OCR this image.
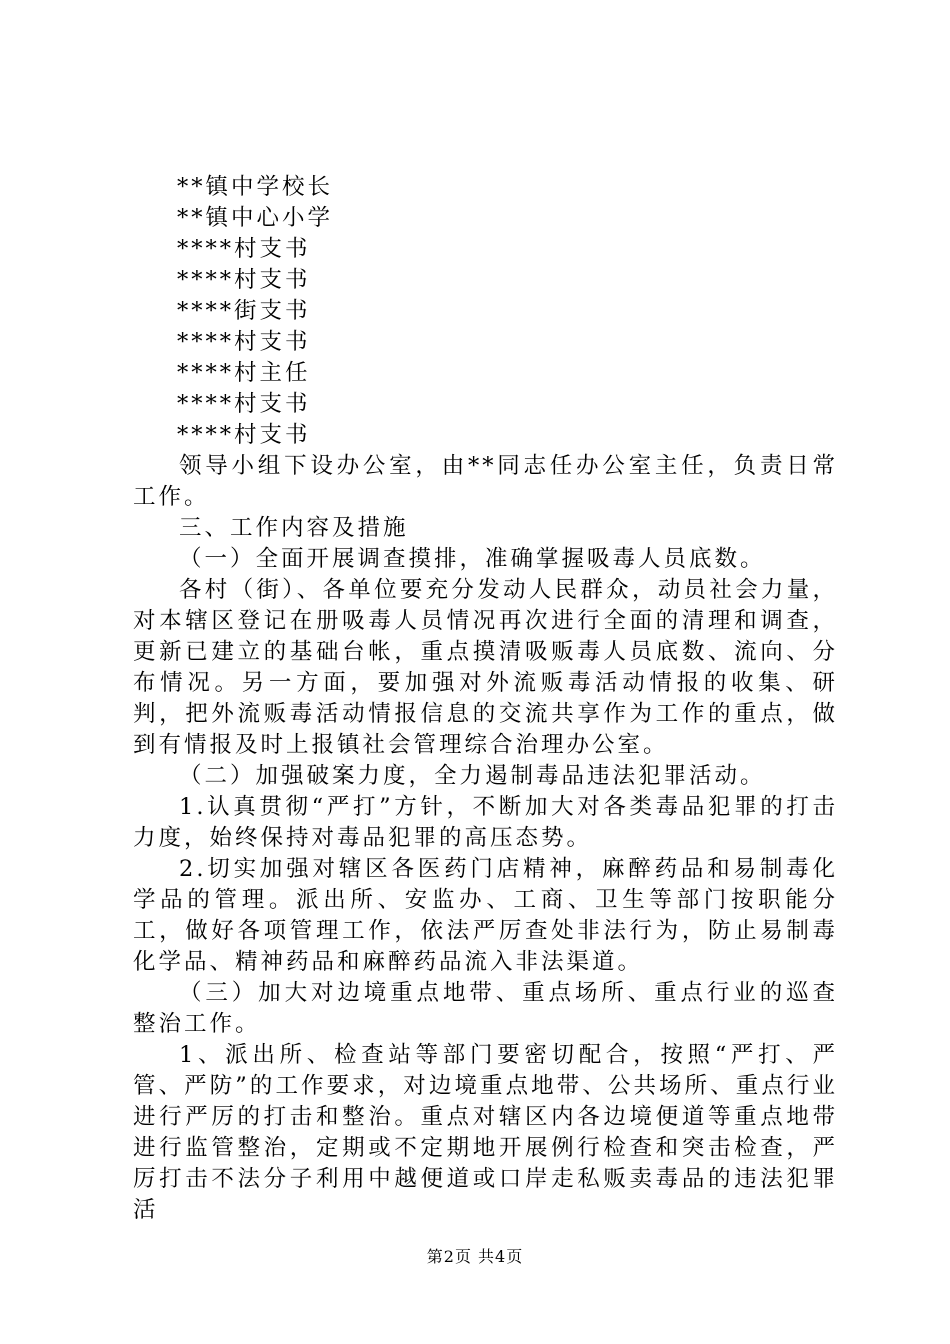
**镇中学校长

**镇中心小学

****村支书

****村支书

****街支书

****村支书

****村主任

****村支书

****村支书

领导小组下设办公室，由**同志任办公室主任，负责日常工作。

三、工作内容及措施

（一）全面开展调查摸排，准确掌握吸毒人员底数。

各村（街）、各单位要充分发动人民群众，动员社会力量，对本辖区登记在册吸毒人员情况再次进行全面的清理和调查，更新已建立的基础台帐，重点摸清吸贩毒人员底数、流向、分布情况。另一方面，要加强对外流贩毒活动情报的收集、研判，把外流贩毒活动情报信息的交流共享作为工作的重点，做到有情报及时上报镇社会管理综合治理办公室。

（二）加强破案力度，全力遏制毒品违法犯罪活动。

1.认真贯彻“严打”方针，不断加大对各类毒品犯罪的打击力度，始终保持对毒品犯罪的高压态势。

2.切实加强对辖区各医药门店精神，麻醉药品和易制毒化学品的管理。派出所、安监办、工商、卫生等部门按职能分工，做好各项管理工作，依法严厉查处非法行为，防止易制毒化学品、精神药品和麻醉药品流入非法渠道。

（三）加大对边境重点地带、重点场所、重点行业的巡查整治工作。

1、派出所、检查站等部门要密切配合，按照“严打、严管、严防”的工作要求，对边境重点地带、公共场所、重点行业进行严厉的打击和整治。重点对辖区内各边境便道等重点地带进行监管整治，定期或不定期地开展例行检查和突击检查，严厉打击不法分子利用中越便道或口岸走私贩卖毒品的违法犯罪活

第2页 共4页
